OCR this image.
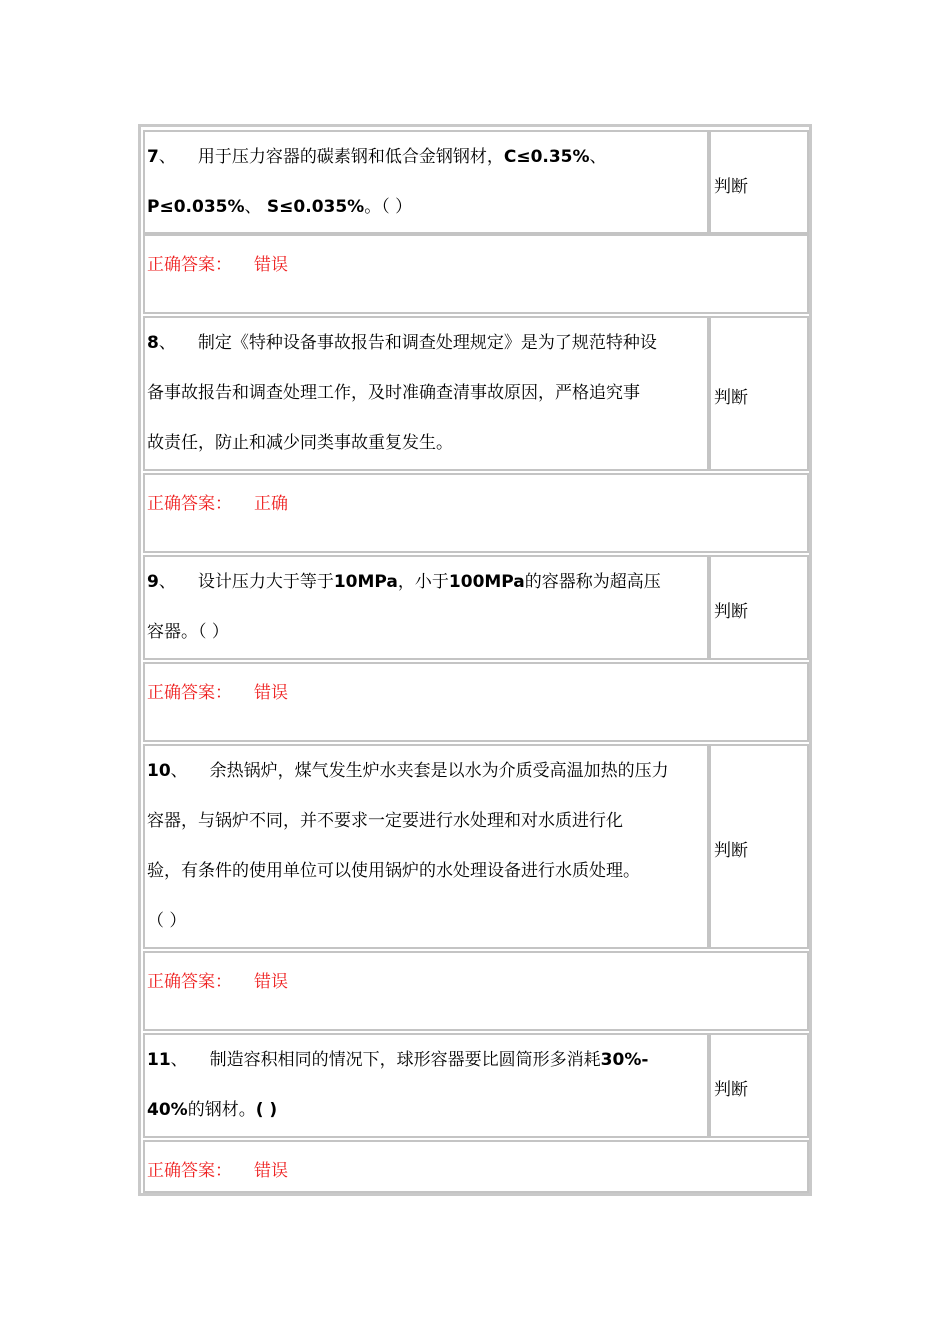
7、 用于压力容器的碳素钢和低合金钢钢材，C≤0.35%、
P≤0.035%、 S≤0.035%。（ ）
判断
正确答案： 错误
8、 制定《特种设备事故报告和调查处理规定》是为了规范特种设
备事故报告和调查处理工作，及时准确查清事故原因，严格追究事
故责任，防止和减少同类事故重复发生。
判断
正确答案： 正确
9、 设计压力大于等于10MPa，小于100MPa的容器称为超高压
容器。（ ）
判断
正确答案： 错误
10、 余热锅炉，煤气发生炉水夹套是以水为介质受高温加热的压力
容器，与锅炉不同，并不要求一定要进行水处理和对水质进行化
验，有条件的使用单位可以使用锅炉的水处理设备进行水质处理。
（ ）
判断
正确答案： 错误
11、 制造容积相同的情况下，球形容器要比圆筒形多消耗30%-
40%的钢材。( )
判断
正确答案： 错误
